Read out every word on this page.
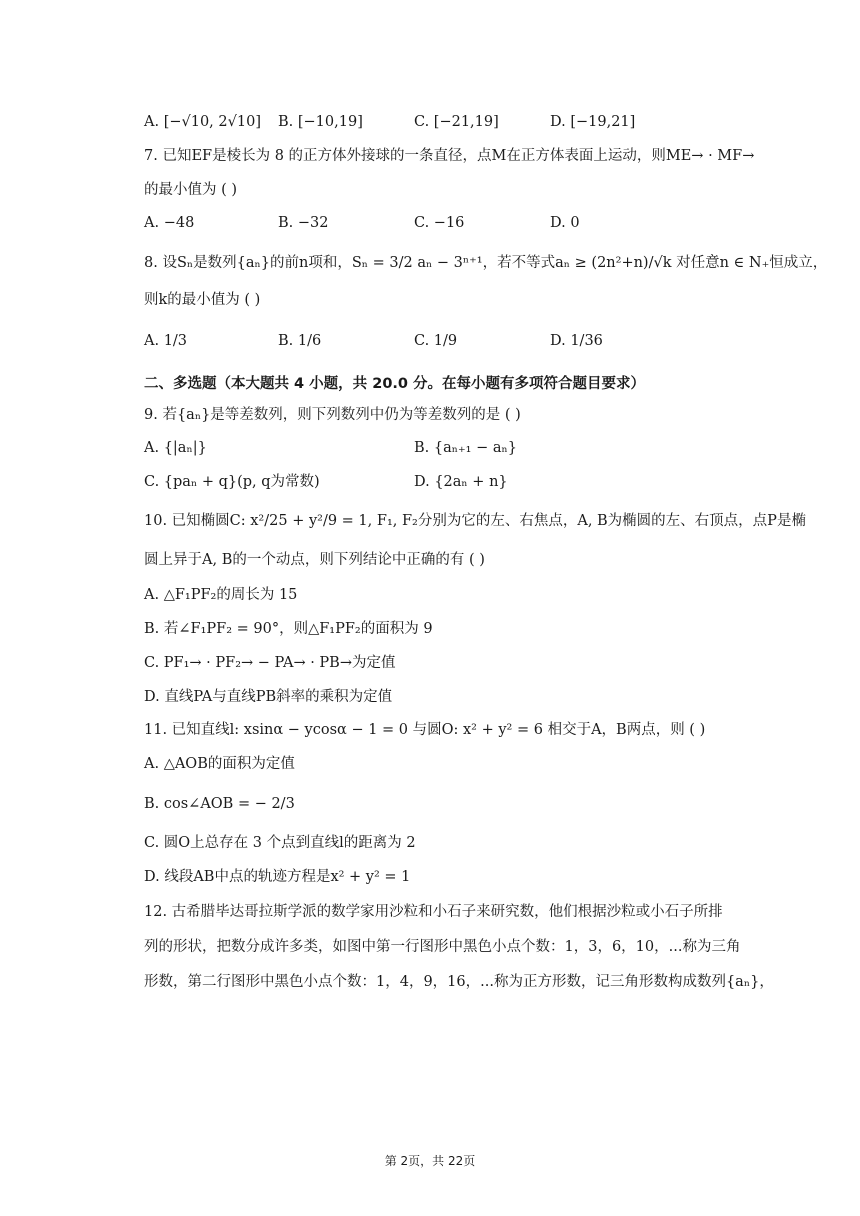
A. [−√10, 2√10] B. [−10,19]	C. [−21,19]	D. [−19,21]
7. 已知EF是棱长为 8 的正方体外接球的一条直径，点M在正方体表面上运动，则ME→ · MF→
的最小值为 ( )
A. −48	B. −32	C. −16	D. 0
8. 设Sₙ是数列{aₙ}的前n项和，Sₙ = 3/2 aₙ − 3ⁿ⁺¹，若不等式aₙ ≥ (2n²+n)/√k 对任意n ∈ N₊恒成立，
则k的最小值为 ( )
A. 1/3	B. 1/6	C. 1/9	D. 1/36
二、多选题（本大题共 4 小题，共 20.0 分。在每小题有多项符合题目要求）
9. 若{aₙ}是等差数列，则下列数列中仍为等差数列的是 ( )
A. {|aₙ|}	B. {aₙ₊₁ − aₙ}
C. {paₙ + q}(p, q为常数)	D. {2aₙ + n}
10. 已知椭圆C: x²/25 + y²/9 = 1, F₁, F₂分别为它的左、右焦点，A, B为椭圆的左、右顶点，点P是椭
圆上异于A, B的一个动点，则下列结论中正确的有 ( )
A. △F₁PF₂的周长为 15
B. 若∠F₁PF₂ = 90°，则△F₁PF₂的面积为 9
C. PF₁→ · PF₂→ − PA→ · PB→为定值
D. 直线PA与直线PB斜率的乘积为定值
11. 已知直线l: xsinα − ycosα − 1 = 0 与圆O: x² + y² = 6 相交于A，B两点，则 ( )
A. △AOB的面积为定值
B. cos∠AOB = − 2/3
C. 圆O上总存在 3 个点到直线l的距离为 2
D. 线段AB中点的轨迹方程是x² + y² = 1
12. 古希腊毕达哥拉斯学派的数学家用沙粒和小石子来研究数，他们根据沙粒或小石子所排
列的形状，把数分成许多类，如图中第一行图形中黑色小点个数：1，3，6，10，...称为三角
形数，第二行图形中黑色小点个数：1，4，9，16，...称为正方形数，记三角形数构成数列{aₙ}，
第 2页，共 22页
